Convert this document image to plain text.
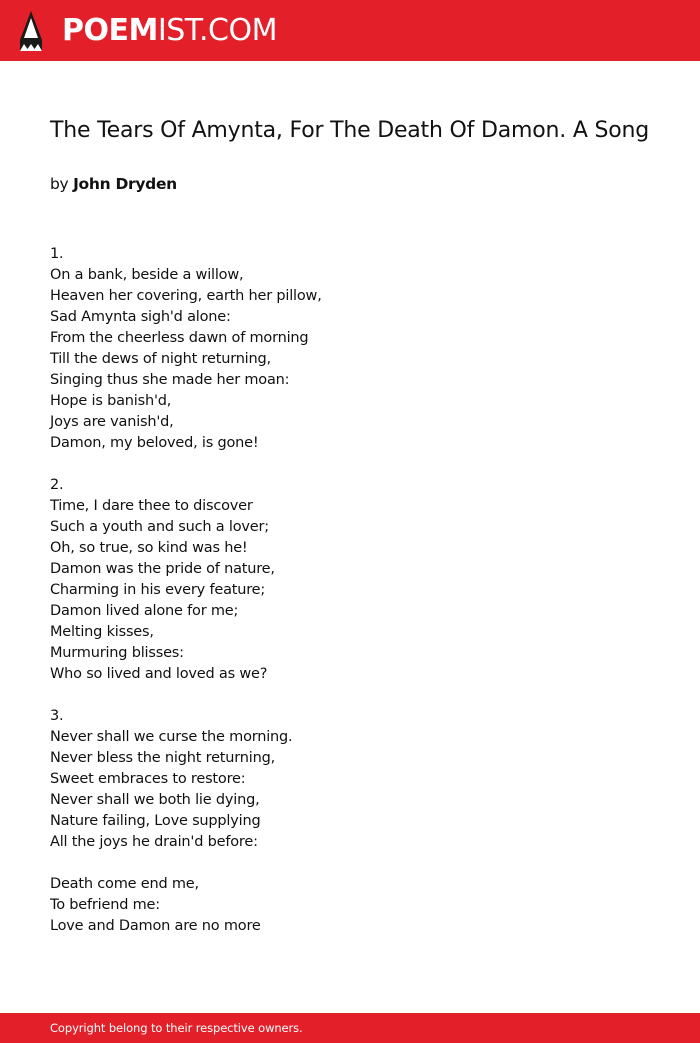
POEMIST.COM
The Tears Of Amynta, For The Death Of Damon. A Song
by John Dryden
1.
On a bank, beside a willow,
Heaven her covering, earth her pillow,
Sad Amynta sigh'd alone:
From the cheerless dawn of morning
Till the dews of night returning,
Singing thus she made her moan:
Hope is banish'd,
Joys are vanish'd,
Damon, my beloved, is gone!
2.
Time, I dare thee to discover
Such a youth and such a lover;
Oh, so true, so kind was he!
Damon was the pride of nature,
Charming in his every feature;
Damon lived alone for me;
Melting kisses,
Murmuring blisses:
Who so lived and loved as we?
3.
Never shall we curse the morning.
Never bless the night returning,
Sweet embraces to restore:
Never shall we both lie dying,
Nature failing, Love supplying
All the joys he drain'd before:
Death come end me,
To befriend me:
Love and Damon are no more
Copyright belong to their respective owners.
